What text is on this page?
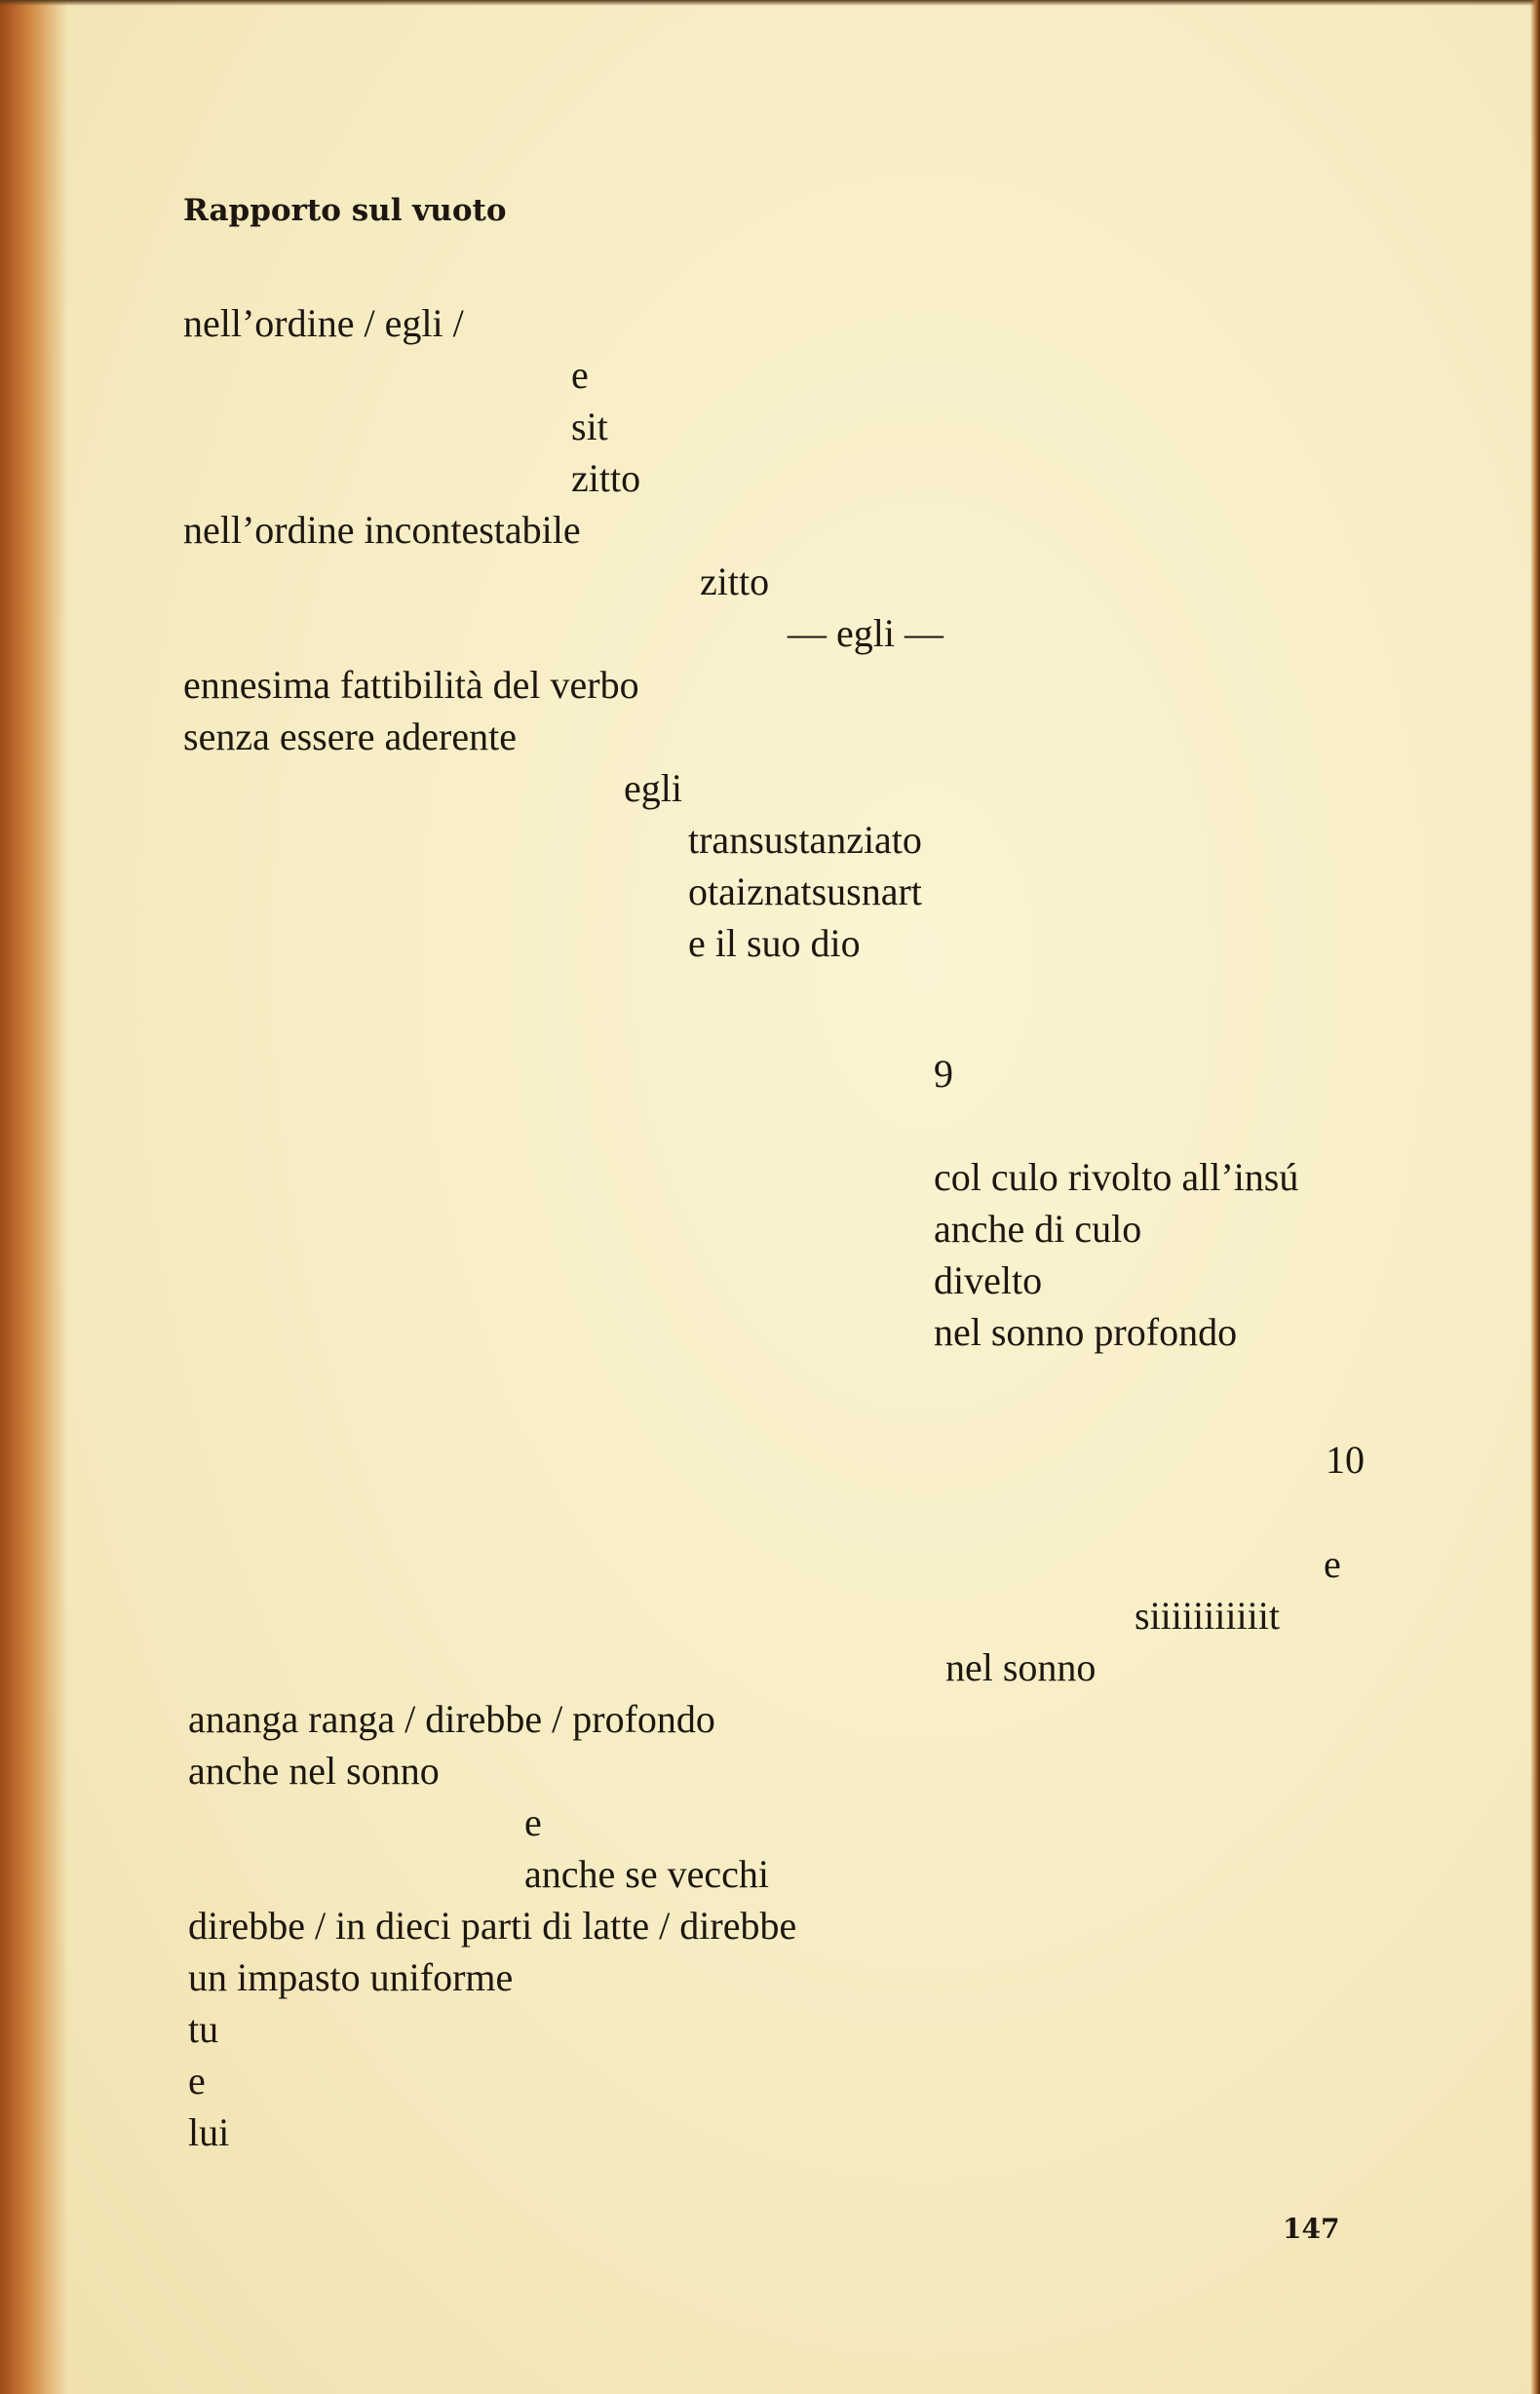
Rapporto sul vuoto
nell’ordine / egli /
e
sit
zitto
nell’ordine incontestabile
zitto
— egli —
ennesima fattibilità del verbo
senza essere aderente
egli
transustanziato
otaiznatsusnart
e il suo dio
9
col culo rivolto all’insú
anche di culo
divelto
nel sonno profondo
10
e
siiiiiiiiiiit
nel sonno
ananga ranga / direbbe / profondo
anche nel sonno
e
anche se vecchi
direbbe / in dieci parti di latte / direbbe
un impasto uniforme
tu
e
lui
147
